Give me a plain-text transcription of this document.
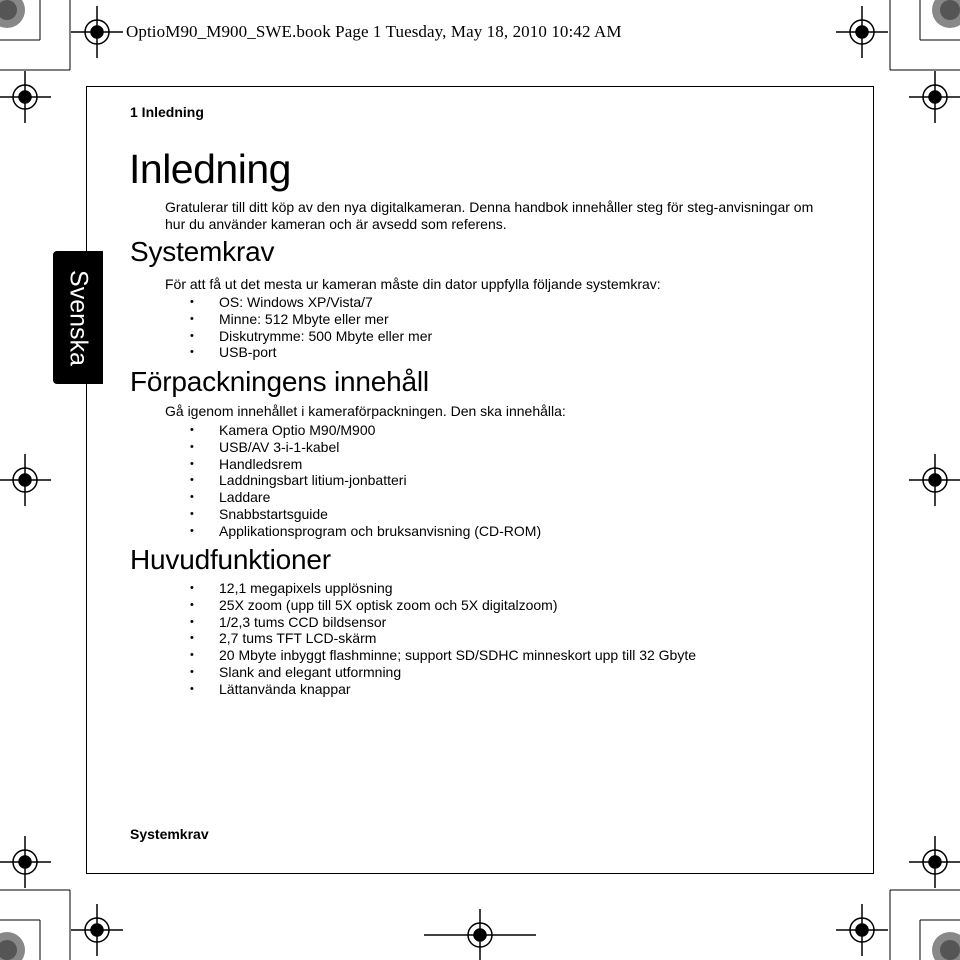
OptioM90_M900_SWE.book Page 1 Tuesday, May 18, 2010 10:42 AM
1 Inledning
Svenska
Inledning
Gratulerar till ditt köp av den nya digitalkameran. Denna handbok innehåller steg för steg-anvisningar om hur du använder kameran och är avsedd som referens.
Systemkrav
För att få ut det mesta ur kameran måste din dator uppfylla följande systemkrav:
• OS: Windows XP/Vista/7
• Minne: 512 Mbyte eller mer
• Diskutrymme: 500 Mbyte eller mer
• USB-port
Förpackningens innehåll
Gå igenom innehållet i kameraförpackningen. Den ska innehålla:
• Kamera Optio M90/M900
• USB/AV 3-i-1-kabel
• Handledsrem
• Laddningsbart litium-jonbatteri
• Laddare
• Snabbstartsguide
• Applikationsprogram och bruksanvisning (CD-ROM)
Huvudfunktioner
• 12,1 megapixels upplösning
• 25X zoom (upp till 5X optisk zoom och 5X digitalzoom)
• 1/2,3 tums CCD bildsensor
• 2,7 tums TFT LCD-skärm
• 20 Mbyte inbyggt flashminne; support SD/SDHC minneskort upp till 32 Gbyte
• Slank and elegant utformning
• Lättanvända knappar
Systemkrav
